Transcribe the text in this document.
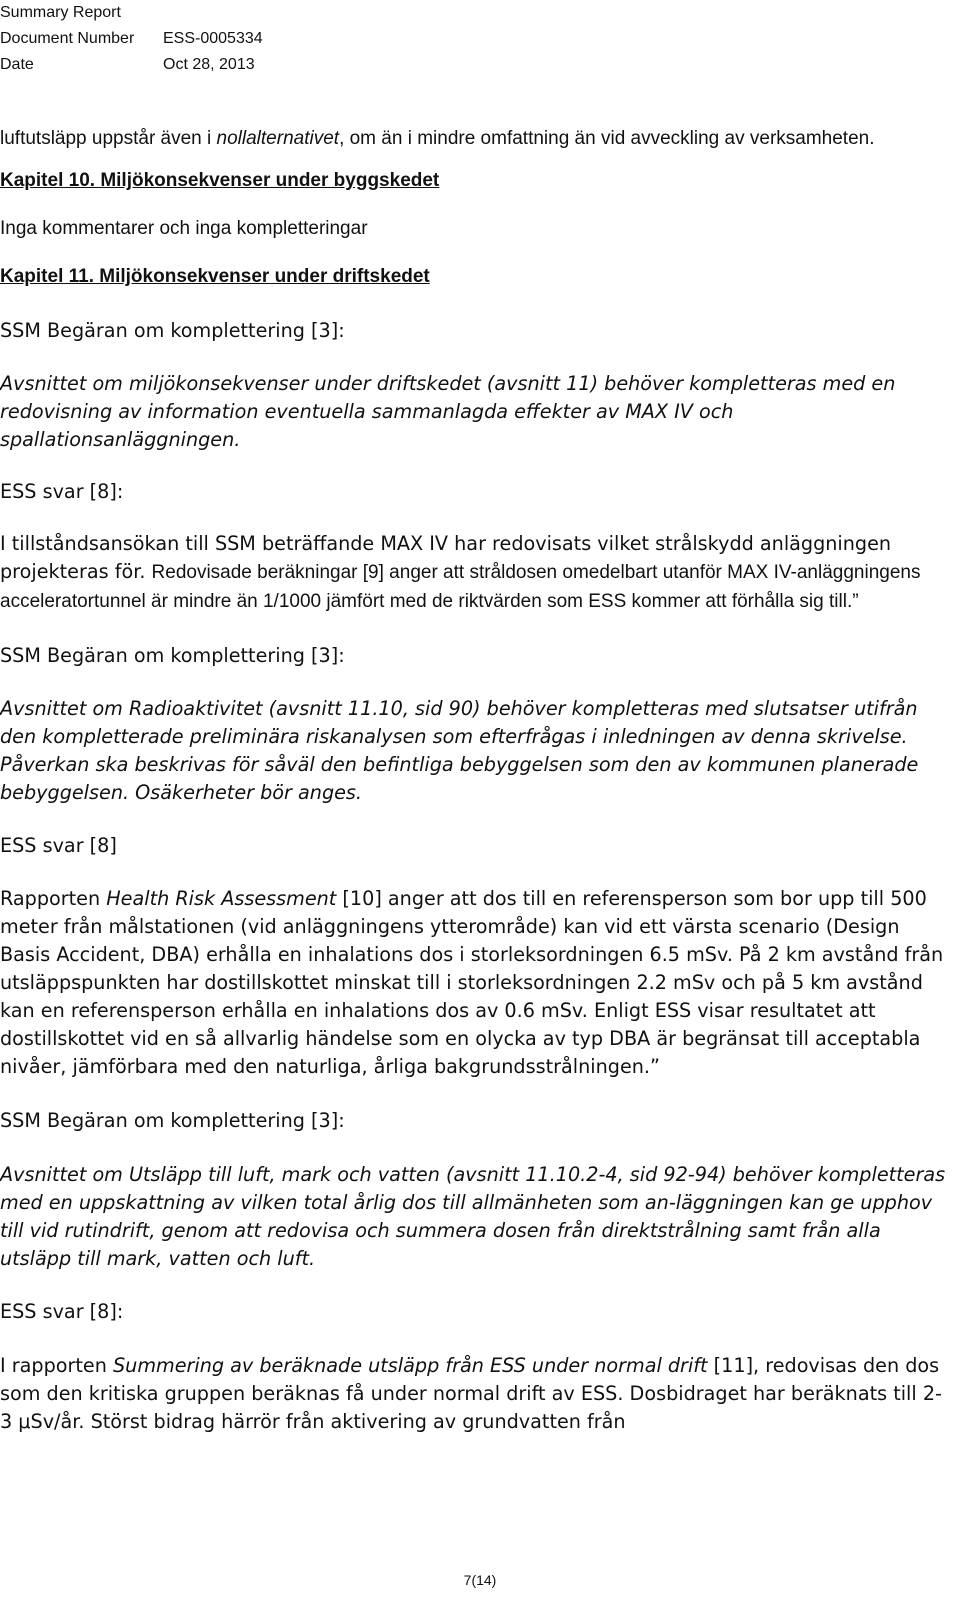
Summary Report
Document Number	ESS-0005334
Date	Oct 28, 2013

luftutsläpp uppstår även i nollalternativet, om än i mindre omfattning än vid avveckling av verksamheten.

Kapitel 10. Miljökonsekvenser under byggskedet

Inga kommentarer och inga kompletteringar

Kapitel 11. Miljökonsekvenser under driftskedet

SSM Begäran om komplettering [3]:

Avsnittet om miljökonsekvenser under driftskedet (avsnitt 11) behöver kompletteras med en redovisning av information eventuella sammanlagda effekter av MAX IV och spallationsanläggningen.

ESS svar [8]:

I tillståndsansökan till SSM beträffande MAX IV har redovisats vilket strålskydd anläggningen projekteras för. Redovisade beräkningar [9] anger att stråldosen omedelbart utanför MAX IV-anläggningens acceleratortunnel är mindre än 1/1000 jämfört med de riktvärden som ESS kommer att förhålla sig till.”

SSM Begäran om komplettering [3]:

Avsnittet om Radioaktivitet (avsnitt 11.10, sid 90) behöver kompletteras med slutsatser utifrån den kompletterade preliminära riskanalysen som efterfrågas i inledningen av denna skrivelse. Påverkan ska beskrivas för såväl den befintliga bebyggelsen som den av kommunen planerade bebyggelsen. Osäkerheter bör anges.

ESS svar [8]

Rapporten Health Risk Assessment [10] anger att dos till en referensperson som bor upp till 500 meter från målstationen (vid anläggningens ytterområde) kan vid ett värsta scenario (Design Basis Accident, DBA) erhålla en inhalations dos i storleksordningen 6.5 mSv. På 2 km avstånd från utsläppspunkten har dostillskottet minskat till i storleksordningen 2.2 mSv och på 5 km avstånd kan en referensperson erhålla en inhalations dos av 0.6 mSv. Enligt ESS visar resultatet att dostillskottet vid en så allvarlig händelse som en olycka av typ DBA är begränsat till acceptabla nivåer, jämförbara med den naturliga, årliga bakgrundsstrålningen.”

SSM Begäran om komplettering [3]:

Avsnittet om Utsläpp till luft, mark och vatten (avsnitt 11.10.2-4, sid 92-94) behöver kompletteras med en uppskattning av vilken total årlig dos till allmänheten som an-läggningen kan ge upphov till vid rutindrift, genom att redovisa och summera dosen från direktstrålning samt från alla utsläpp till mark, vatten och luft.

ESS svar [8]:

I rapporten Summering av beräknade utsläpp från ESS under normal drift [11], redovisas den dos som den kritiska gruppen beräknas få under normal drift av ESS. Dosbidraget har beräknats till 2-3 μSv/år. Störst bidrag härrör från aktivering av grundvatten från

7(14)
